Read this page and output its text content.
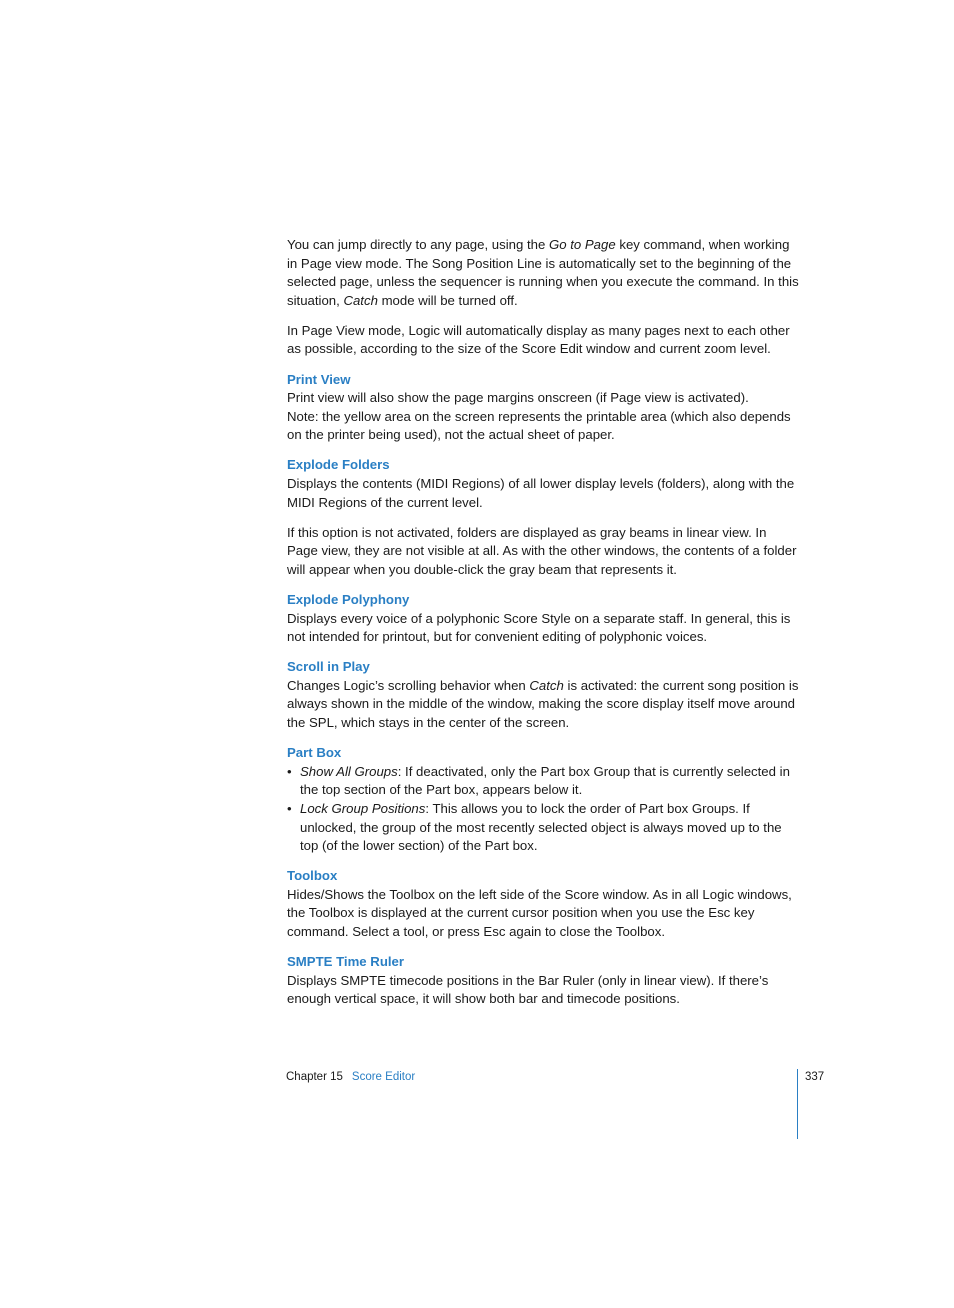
You can jump directly to any page, using the Go to Page key command, when working in Page view mode. The Song Position Line is automatically set to the beginning of the selected page, unless the sequencer is running when you execute the command. In this situation, Catch mode will be turned off.

In Page View mode, Logic will automatically display as many pages next to each other as possible, according to the size of the Score Edit window and current zoom level.

Print View

Print view will also show the page margins onscreen (if Page view is activated).

Note: the yellow area on the screen represents the printable area (which also depends on the printer being used), not the actual sheet of paper.

Explode Folders

Displays the contents (MIDI Regions) of all lower display levels (folders), along with the MIDI Regions of the current level.

If this option is not activated, folders are displayed as gray beams in linear view. In Page view, they are not visible at all. As with the other windows, the contents of a folder will appear when you double-click the gray beam that represents it.

Explode Polyphony

Displays every voice of a polyphonic Score Style on a separate staff. In general, this is not intended for printout, but for convenient editing of polyphonic voices.

Scroll in Play

Changes Logic’s scrolling behavior when Catch is activated: the current song position is always shown in the middle of the window, making the score display itself move around the SPL, which stays in the center of the screen.

Part Box

• Show All Groups: If deactivated, only the Part box Group that is currently selected in the top section of the Part box, appears below it.
• Lock Group Positions: This allows you to lock the order of Part box Groups. If unlocked, the group of the most recently selected object is always moved up to the top (of the lower section) of the Part box.

Toolbox

Hides/Shows the Toolbox on the left side of the Score window. As in all Logic windows, the Toolbox is displayed at the current cursor position when you use the Esc key command. Select a tool, or press Esc again to close the Toolbox.

SMPTE Time Ruler

Displays SMPTE timecode positions in the Bar Ruler (only in linear view). If there’s enough vertical space, it will show both bar and timecode positions.

Chapter 15 Score Editor	337
